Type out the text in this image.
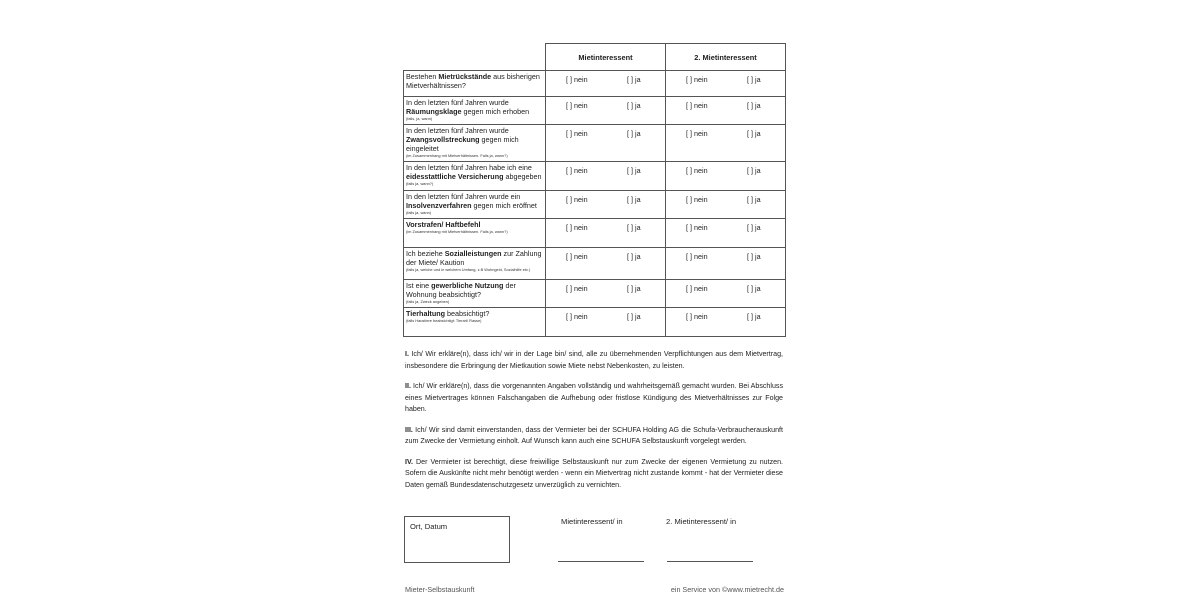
	Mietinteressent	2. Mietinteressent

Bestehen Mietrückstände aus bisherigen Mietverhältnissen?	[ ] nein [ ] ja	[ ] nein [ ] ja

In den letzten fünf Jahren wurde Räumungsklage gegen mich erhoben
(falls, ja, wann)	[ ] nein [ ] ja	[ ] nein [ ] ja

In den letzten fünf Jahren wurde Zwangsvollstreckung gegen mich eingeleitet
(im Zusammenhang mit Mietverhältnissen. Falls ja, wann?)	[ ] nein [ ] ja	[ ] nein [ ] ja

In den letzten fünf Jahren habe ich eine eidesstattliche Versicherung abgegeben
(falls ja, wann?)	[ ] nein [ ] ja	[ ] nein [ ] ja

In den letzten fünf Jahren wurde ein Insolvenzverfahren gegen mich eröffnet
(falls ja, wann)	[ ] nein [ ] ja	[ ] nein [ ] ja

Vorstrafen/ Haftbefehl
(im Zusammenhang mit Mietverhältnissen. Falls ja, wann?)	[ ] nein [ ] ja	[ ] nein [ ] ja

Ich beziehe Sozialleistungen zur Zahlung der Miete/ Kaution
(falls ja, welche und in welchem Umfang, z.B Wohngeld, Sozialhilfe etc.)	[ ] nein [ ] ja	[ ] nein [ ] ja

Ist eine gewerbliche Nutzung der Wohnung beabsichtigt?
(falls ja, Zweck angeben)	[ ] nein [ ] ja	[ ] nein [ ] ja

Tierhaltung beabsichtigt?
(falls Haustiere beabsichtigt: Tierart/ Rasse)	[ ] nein [ ] ja	[ ] nein [ ] ja

I. Ich/ Wir erkläre(n), dass ich/ wir in der Lage bin/ sind, alle zu übernehmenden Verpflichtungen aus dem Mietvertrag, insbesondere die Erbringung der Mietkaution sowie Miete nebst Nebenkosten, zu leisten.

II. Ich/ Wir erkläre(n), dass die vorgenannten Angaben vollständig und wahrheitsgemäß gemacht wurden. Bei Abschluss eines Mietvertrages können Falschangaben die Aufhebung oder fristlose Kündigung des Mietverhältnisses zur Folge haben.

III. Ich/ Wir sind damit einverstanden, dass der Vermieter bei der SCHUFA Holding AG die Schufa-Verbraucherauskunft zum Zwecke der Vermietung einholt. Auf Wunsch kann auch eine SCHUFA Selbstauskunft vorgelegt werden.

IV. Der Vermieter ist berechtigt, diese freiwillige Selbstauskunft nur zum Zwecke der eigenen Vermietung zu nutzen. Sofern die Auskünfte nicht mehr benötigt werden - wenn ein Mietvertrag nicht zustande kommt - hat der Vermieter diese Daten gemäß Bundesdatenschutzgesetz unverzüglich zu vernichten.

Ort, Datum
Mietinteressent/ in	2. Mietinteressent/ in
Mieter-Selbstauskunft	ein Service von ©www.mietrecht.de
